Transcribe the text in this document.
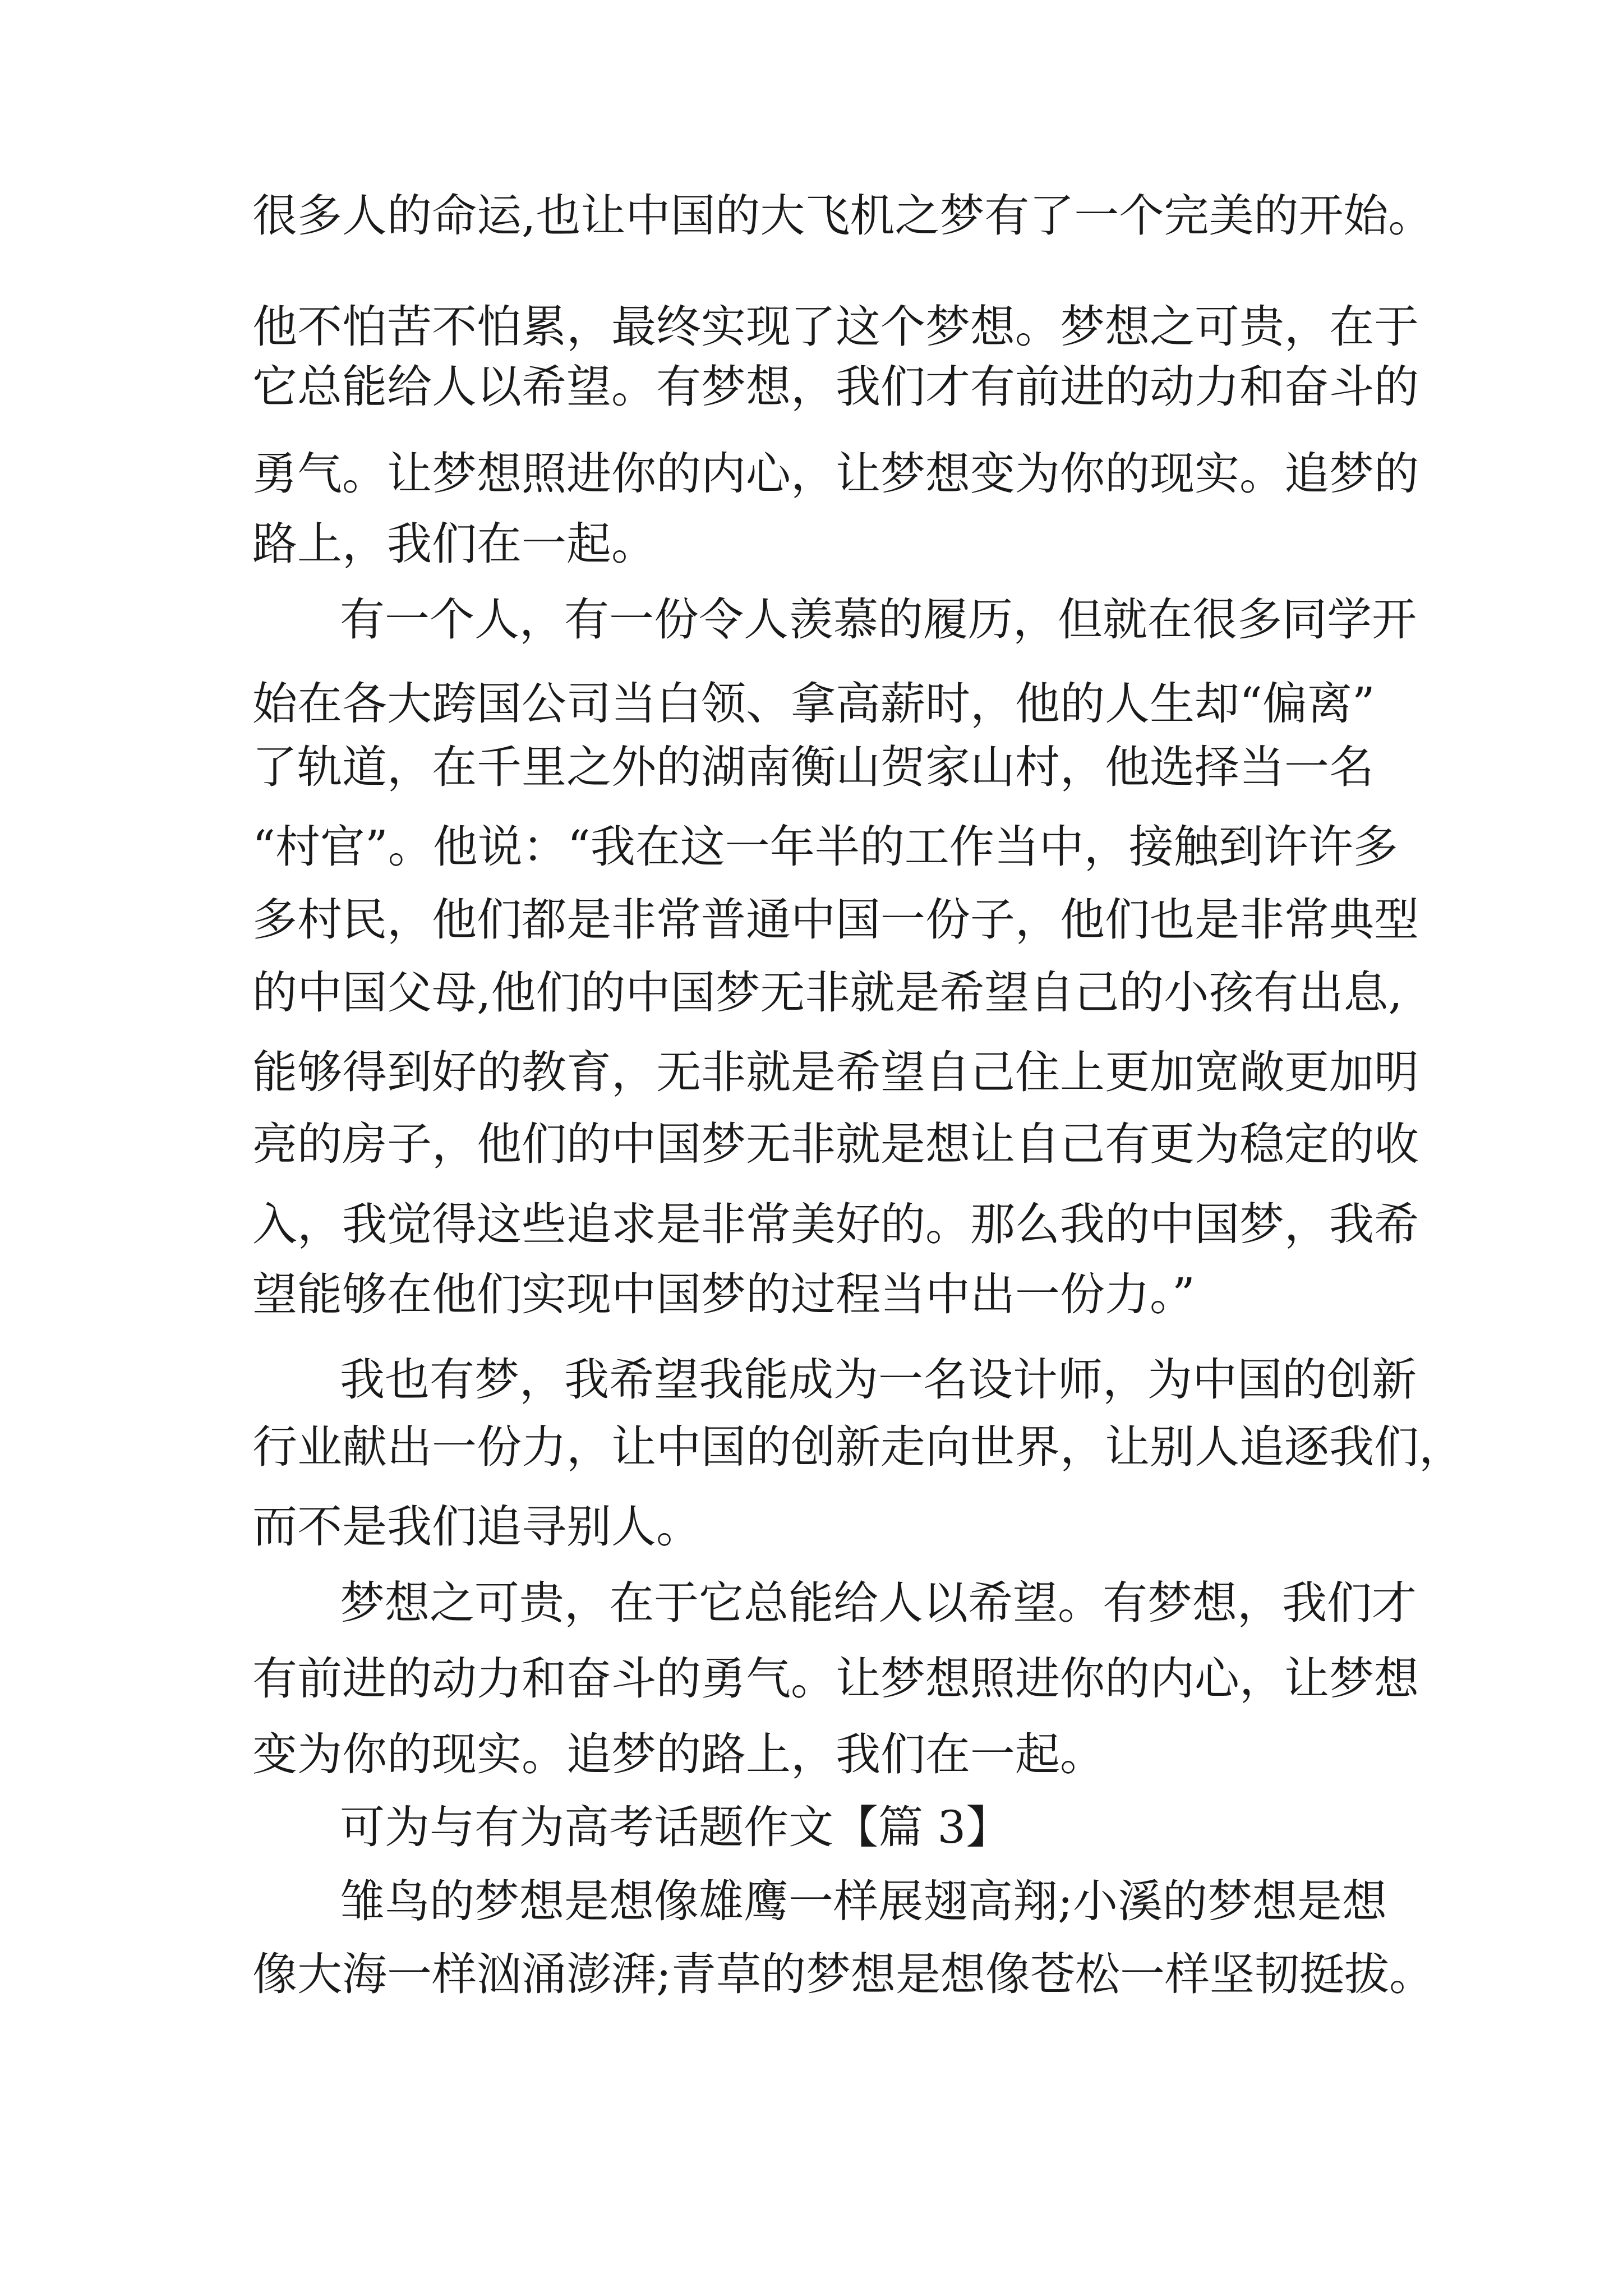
很多人的命运,也让中国的大飞机之梦有了一个完美的开始。
他不怕苦不怕累，最终实现了这个梦想。梦想之可贵，在于
它总能给人以希望。有梦想，我们才有前进的动力和奋斗的
勇气。让梦想照进你的内心，让梦想变为你的现实。追梦的
路上，我们在一起。
有一个人，有一份令人羡慕的履历，但就在很多同学开
始在各大跨国公司当白领、拿高薪时，他的人生却“偏离”
了轨道，在千里之外的湖南衡山贺家山村，他选择当一名
“村官”。他说：“我在这一年半的工作当中，接触到许许多
多村民，他们都是非常普通中国一份子，他们也是非常典型
的中国父母,他们的中国梦无非就是希望自己的小孩有出息,
能够得到好的教育，无非就是希望自己住上更加宽敞更加明
亮的房子，他们的中国梦无非就是想让自己有更为稳定的收
入，我觉得这些追求是非常美好的。那么我的中国梦，我希
望能够在他们实现中国梦的过程当中出一份力。”
我也有梦，我希望我能成为一名设计师，为中国的创新
行业献出一份力，让中国的创新走向世界，让别人追逐我们，
而不是我们追寻别人。
梦想之可贵，在于它总能给人以希望。有梦想，我们才
有前进的动力和奋斗的勇气。让梦想照进你的内心，让梦想
变为你的现实。追梦的路上，我们在一起。
可为与有为高考话题作文【篇 3】
雏鸟的梦想是想像雄鹰一样展翅高翔;小溪的梦想是想
像大海一样汹涌澎湃;青草的梦想是想像苍松一样坚韧挺拔。
